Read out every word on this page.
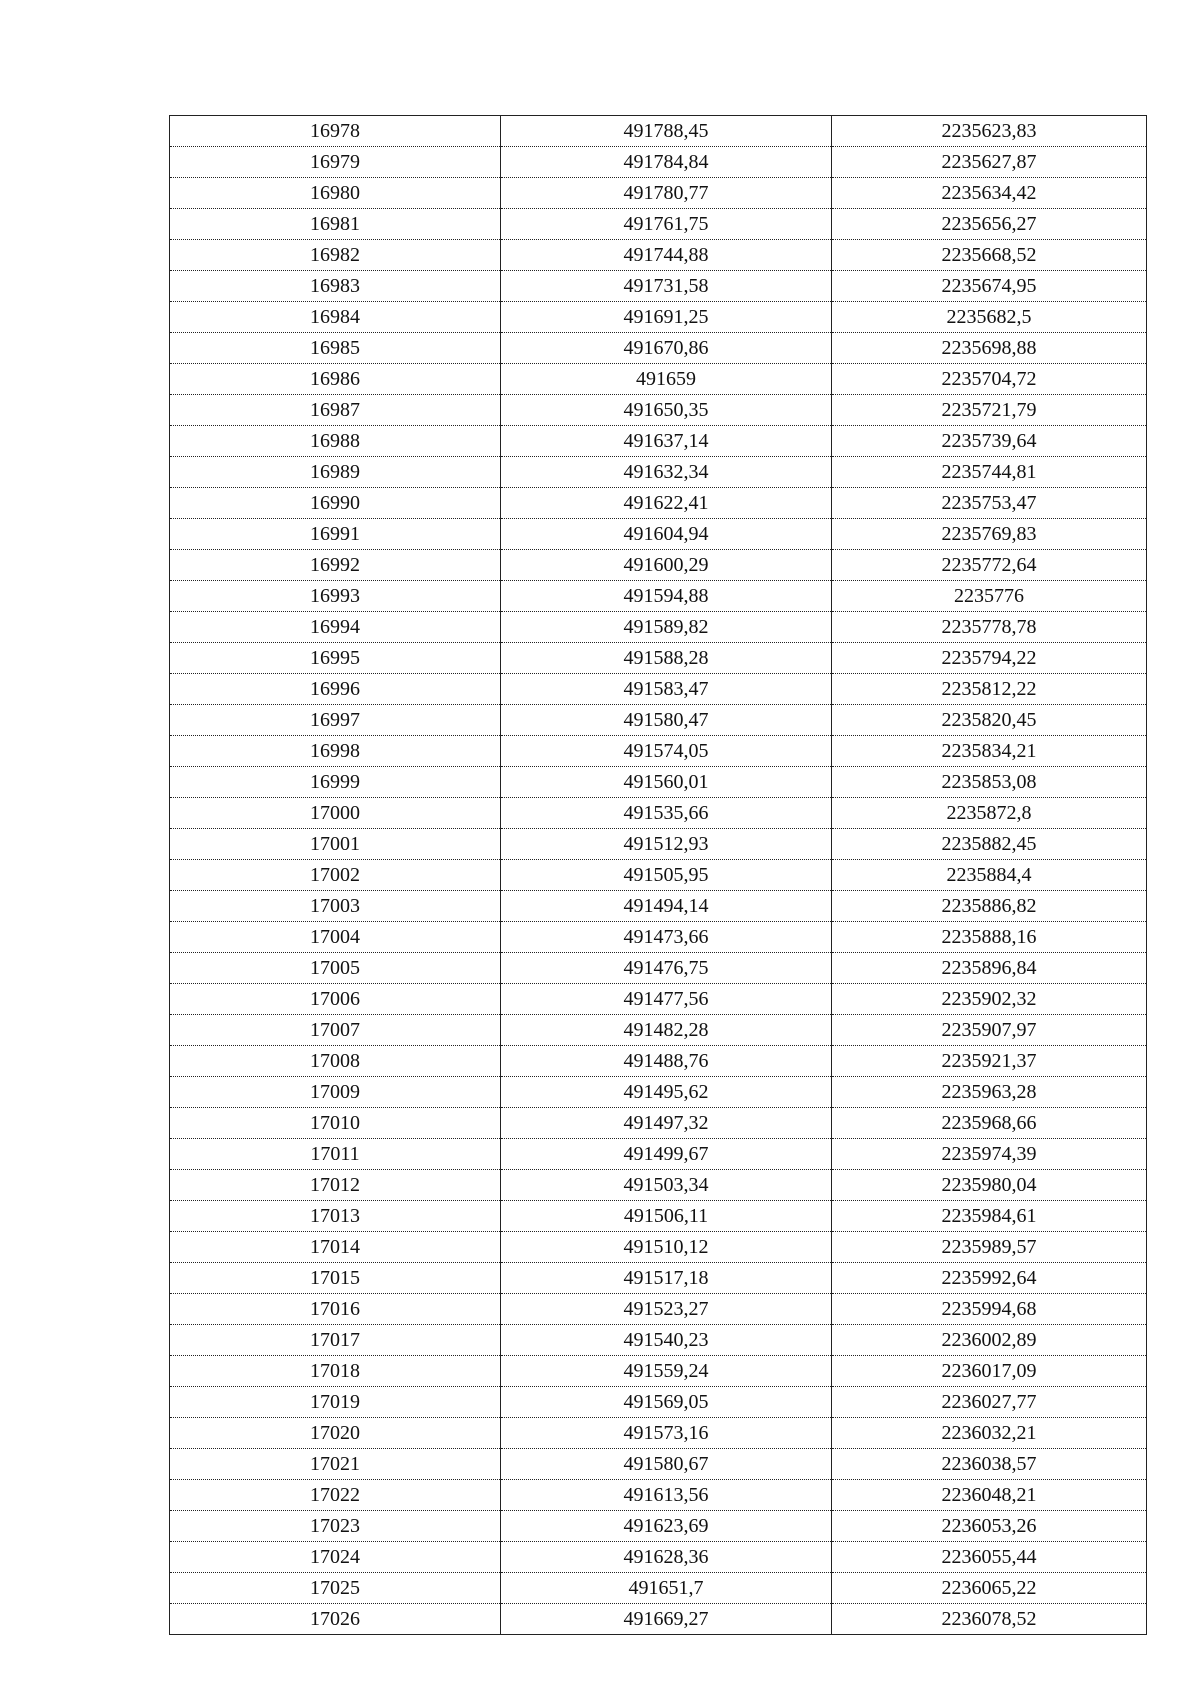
16978	491788,45	2235623,83
16979	491784,84	2235627,87
16980	491780,77	2235634,42
16981	491761,75	2235656,27
16982	491744,88	2235668,52
16983	491731,58	2235674,95
16984	491691,25	2235682,5
16985	491670,86	2235698,88
16986	491659	2235704,72
16987	491650,35	2235721,79
16988	491637,14	2235739,64
16989	491632,34	2235744,81
16990	491622,41	2235753,47
16991	491604,94	2235769,83
16992	491600,29	2235772,64
16993	491594,88	2235776
16994	491589,82	2235778,78
16995	491588,28	2235794,22
16996	491583,47	2235812,22
16997	491580,47	2235820,45
16998	491574,05	2235834,21
16999	491560,01	2235853,08
17000	491535,66	2235872,8
17001	491512,93	2235882,45
17002	491505,95	2235884,4
17003	491494,14	2235886,82
17004	491473,66	2235888,16
17005	491476,75	2235896,84
17006	491477,56	2235902,32
17007	491482,28	2235907,97
17008	491488,76	2235921,37
17009	491495,62	2235963,28
17010	491497,32	2235968,66
17011	491499,67	2235974,39
17012	491503,34	2235980,04
17013	491506,11	2235984,61
17014	491510,12	2235989,57
17015	491517,18	2235992,64
17016	491523,27	2235994,68
17017	491540,23	2236002,89
17018	491559,24	2236017,09
17019	491569,05	2236027,77
17020	491573,16	2236032,21
17021	491580,67	2236038,57
17022	491613,56	2236048,21
17023	491623,69	2236053,26
17024	491628,36	2236055,44
17025	491651,7	2236065,22
17026	491669,27	2236078,52
